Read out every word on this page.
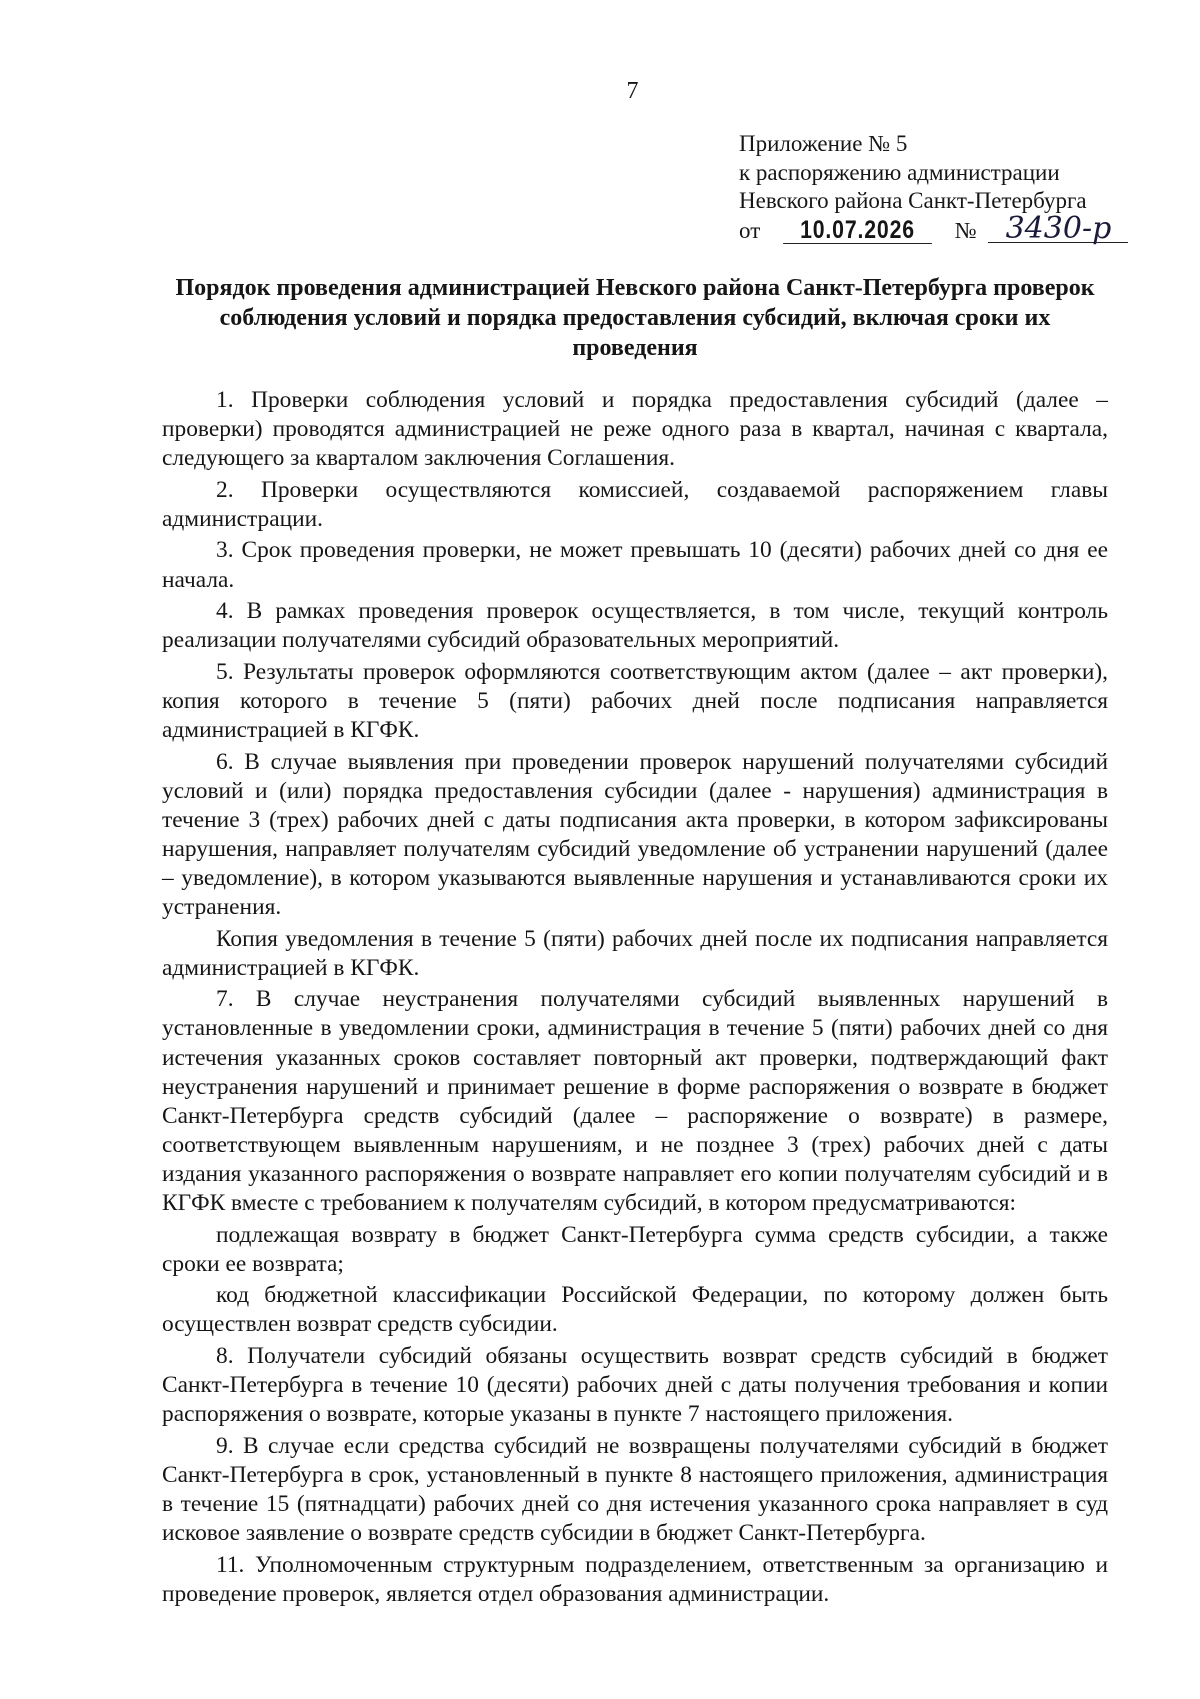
7
Приложение № 5
к распоряжению администрации
Невского района Санкт-Петербурга
от 10.07.2026 № 3430-р
Порядок проведения администрацией Невского района Санкт-Петербурга проверок соблюдения условий и порядка предоставления субсидий, включая сроки их проведения

1. Проверки соблюдения условий и порядка предоставления субсидий (далее – проверки) проводятся администрацией не реже одного раза в квартал, начиная с квартала, следующего за кварталом заключения Соглашения.

2. Проверки осуществляются комиссией, создаваемой распоряжением главы администрации.

3. Срок проведения проверки, не может превышать 10 (десяти) рабочих дней со дня ее начала.

4. В рамках проведения проверок осуществляется, в том числе, текущий контроль реализации получателями субсидий образовательных мероприятий.

5. Результаты проверок оформляются соответствующим актом (далее – акт проверки), копия которого в течение 5 (пяти) рабочих дней после подписания направляется администрацией в КГФК.

6. В случае выявления при проведении проверок нарушений получателями субсидий условий и (или) порядка предоставления субсидии (далее - нарушения) администрация в течение 3 (трех) рабочих дней с даты подписания акта проверки, в котором зафиксированы нарушения, направляет получателям субсидий уведомление об устранении нарушений (далее – уведомление), в котором указываются выявленные нарушения и устанавливаются сроки их устранения.

Копия уведомления в течение 5 (пяти) рабочих дней после их подписания направляется администрацией в КГФК.

7. В случае неустранения получателями субсидий выявленных нарушений в установленные в уведомлении сроки, администрация в течение 5 (пяти) рабочих дней со дня истечения указанных сроков составляет повторный акт проверки, подтверждающий факт неустранения нарушений и принимает решение в форме распоряжения о возврате в бюджет Санкт-Петербурга средств субсидий (далее – распоряжение о возврате) в размере, соответствующем выявленным нарушениям, и не позднее 3 (трех) рабочих дней с даты издания указанного распоряжения о возврате направляет его копии получателям субсидий и в КГФК вместе с требованием к получателям субсидий, в котором предусматриваются:

подлежащая возврату в бюджет Санкт-Петербурга сумма средств субсидии, а также сроки ее возврата;

код бюджетной классификации Российской Федерации, по которому должен быть осуществлен возврат средств субсидии.

8. Получатели субсидий обязаны осуществить возврат средств субсидий в бюджет Санкт-Петербурга в течение 10 (десяти) рабочих дней с даты получения требования и копии распоряжения о возврате, которые указаны в пункте 7 настоящего приложения.

9. В случае если средства субсидий не возвращены получателями субсидий в бюджет Санкт-Петербурга в срок, установленный в пункте 8 настоящего приложения, администрация в течение 15 (пятнадцати) рабочих дней со дня истечения указанного срока направляет в суд исковое заявление о возврате средств субсидии в бюджет Санкт-Петербурга.

11. Уполномоченным структурным подразделением, ответственным за организацию и проведение проверок, является отдел образования администрации.
